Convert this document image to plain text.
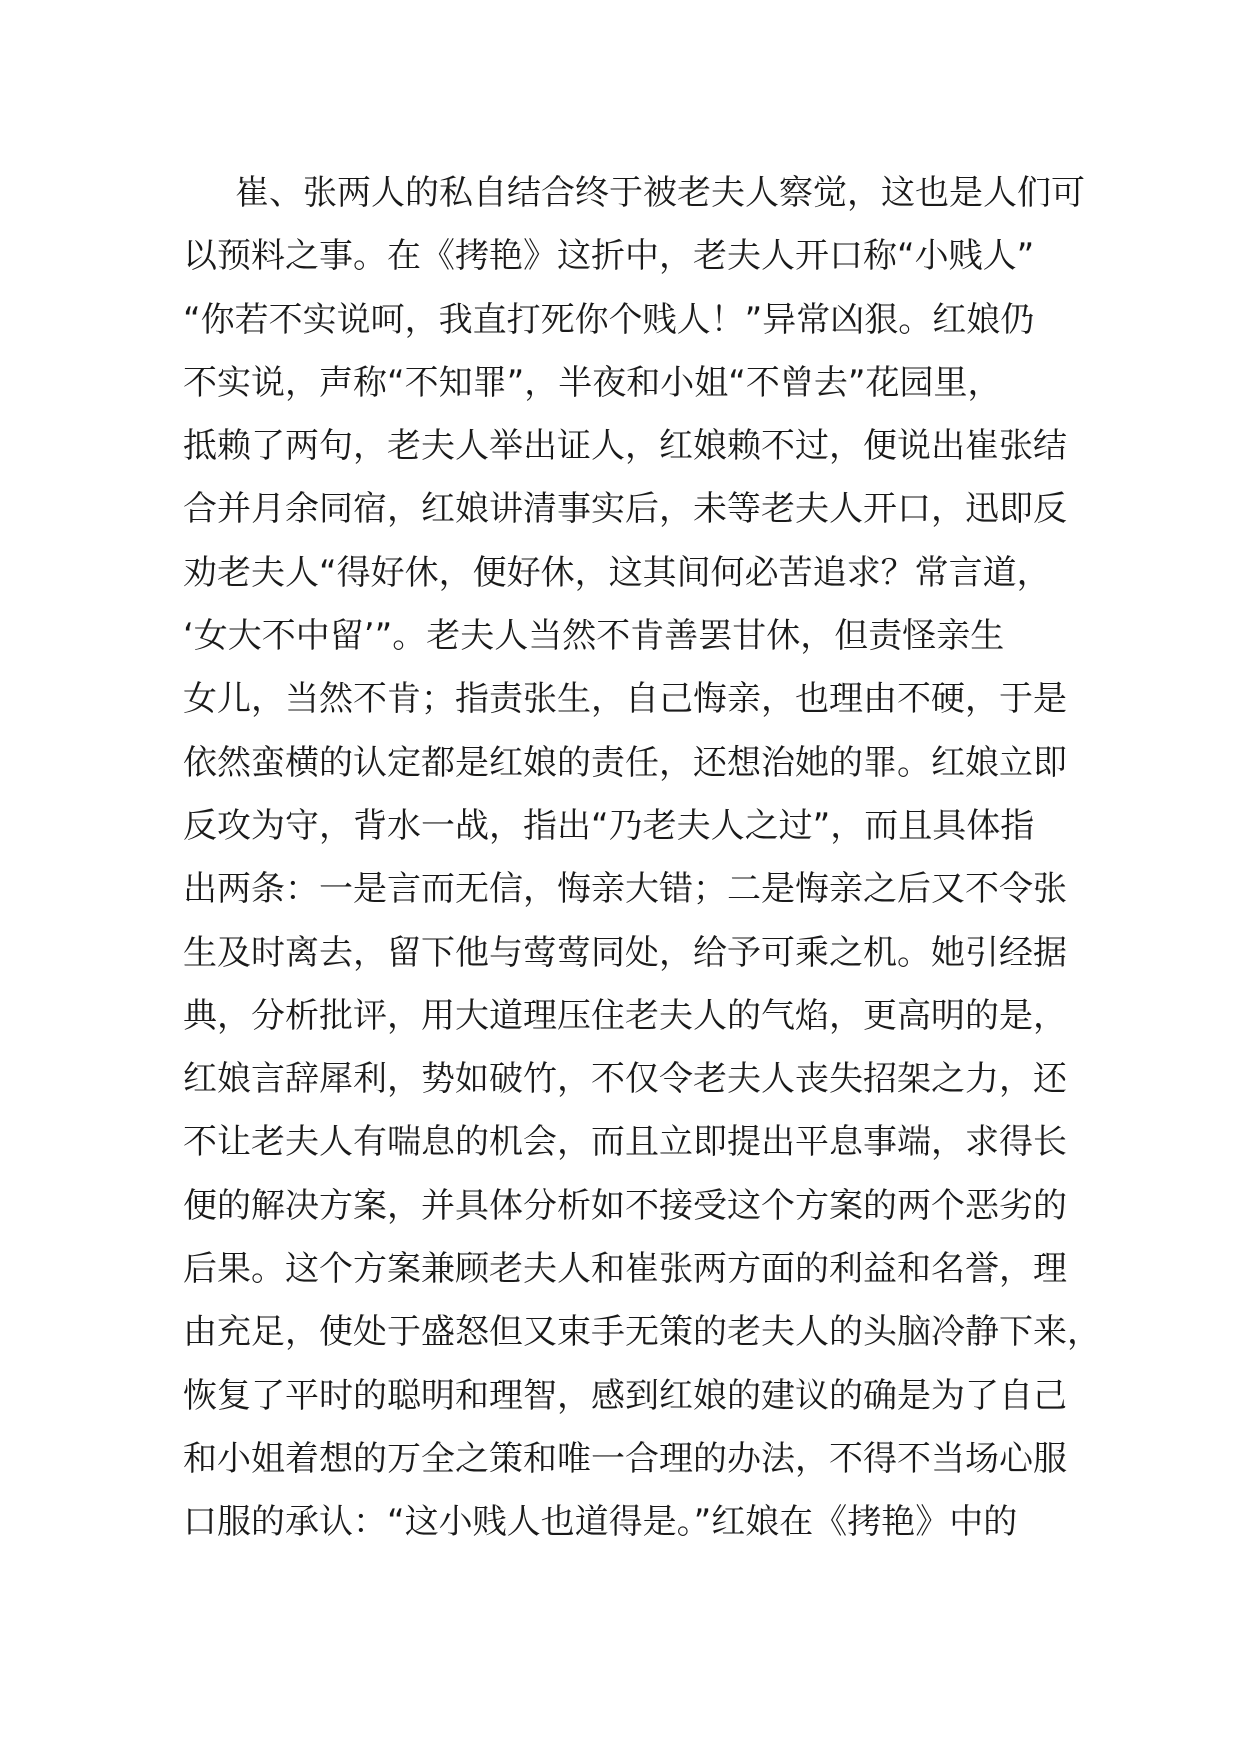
崔、张两人的私自结合终于被老夫人察觉，这也是人们可
以预料之事。在《拷艳》这折中，老夫人开口称“小贱人”
“你若不实说呵，我直打死你个贱人！”异常凶狠。红娘仍
不实说，声称“不知罪”，半夜和小姐“不曾去”花园里，
抵赖了两句，老夫人举出证人，红娘赖不过，便说出崔张结
合并月余同宿，红娘讲清事实后，未等老夫人开口，迅即反
劝老夫人“得好休，便好休，这其间何必苦追求？常言道，
‘女大不中留’”。老夫人当然不肯善罢甘休，但责怪亲生
女儿，当然不肯；指责张生，自己悔亲，也理由不硬，于是
依然蛮横的认定都是红娘的责任，还想治她的罪。红娘立即
反攻为守，背水一战，指出“乃老夫人之过”，而且具体指
出两条：一是言而无信，悔亲大错；二是悔亲之后又不令张
生及时离去，留下他与莺莺同处，给予可乘之机。她引经据
典，分析批评，用大道理压住老夫人的气焰，更高明的是，
红娘言辞犀利，势如破竹，不仅令老夫人丧失招架之力，还
不让老夫人有喘息的机会，而且立即提出平息事端，求得长
便的解决方案，并具体分析如不接受这个方案的两个恶劣的
后果。这个方案兼顾老夫人和崔张两方面的利益和名誉，理
由充足，使处于盛怒但又束手无策的老夫人的头脑冷静下来，
恢复了平时的聪明和理智，感到红娘的建议的确是为了自己
和小姐着想的万全之策和唯一合理的办法，不得不当场心服
口服的承认：“这小贱人也道得是。”红娘在《拷艳》中的
